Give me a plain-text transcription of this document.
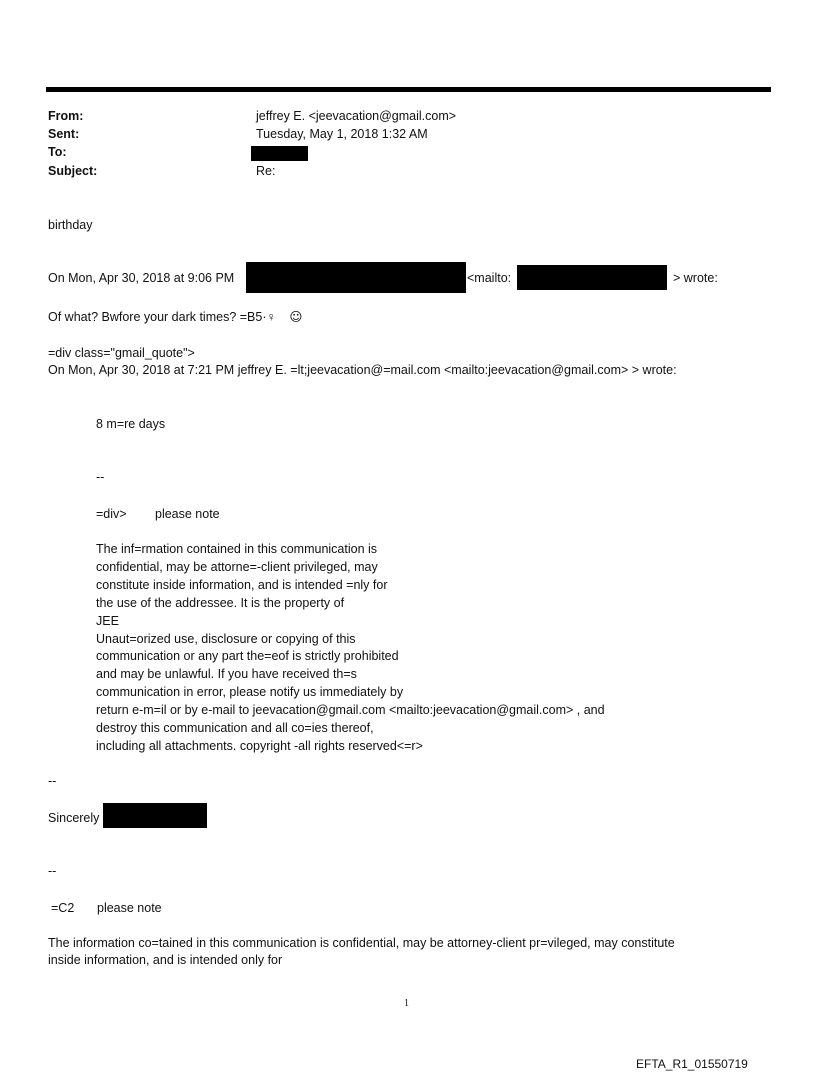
From:	jeffrey E. <jeevacation@gmail.com>
Sent:	Tuesday, May 1, 2018 1:32 AM
To:
Subject:	Re:
birthday
On Mon, Apr 30, 2018 at 9:06 PM	<mailto:	> wrote:
Of what? Bwfore your dark times? =B5·♀ ☺
=div class="gmail_quote">
On Mon, Apr 30, 2018 at 7:21 PM jeffrey E. =lt;jeevacation@=mail.com <mailto:jeevacation@gmail.com> > wrote:
8 m=re days
--
=div> please note
The inf=rmation contained in this communication is
confidential, may be attorne=-client privileged, may
constitute inside information, and is intended =nly for
the use of the addressee. It is the property of
JEE
Unaut=orized use, disclosure or copying of this
communication or any part the=eof is strictly prohibited
and may be unlawful. If you have received th=s
communication in error, please notify us immediately by
return e-m=il or by e-mail to jeevacation@gmail.com <mailto:jeevacation@gmail.com> , and
destroy this communication and all co=ies thereof,
including all attachments. copyright -all rights reserved<=r>
--
Sincerely
--
=C2 please note
The information co=tained in this communication is confidential, may be attorney-client pr=vileged, may constitute
inside information, and is intended only for
1
EFTA_R1_01550719
